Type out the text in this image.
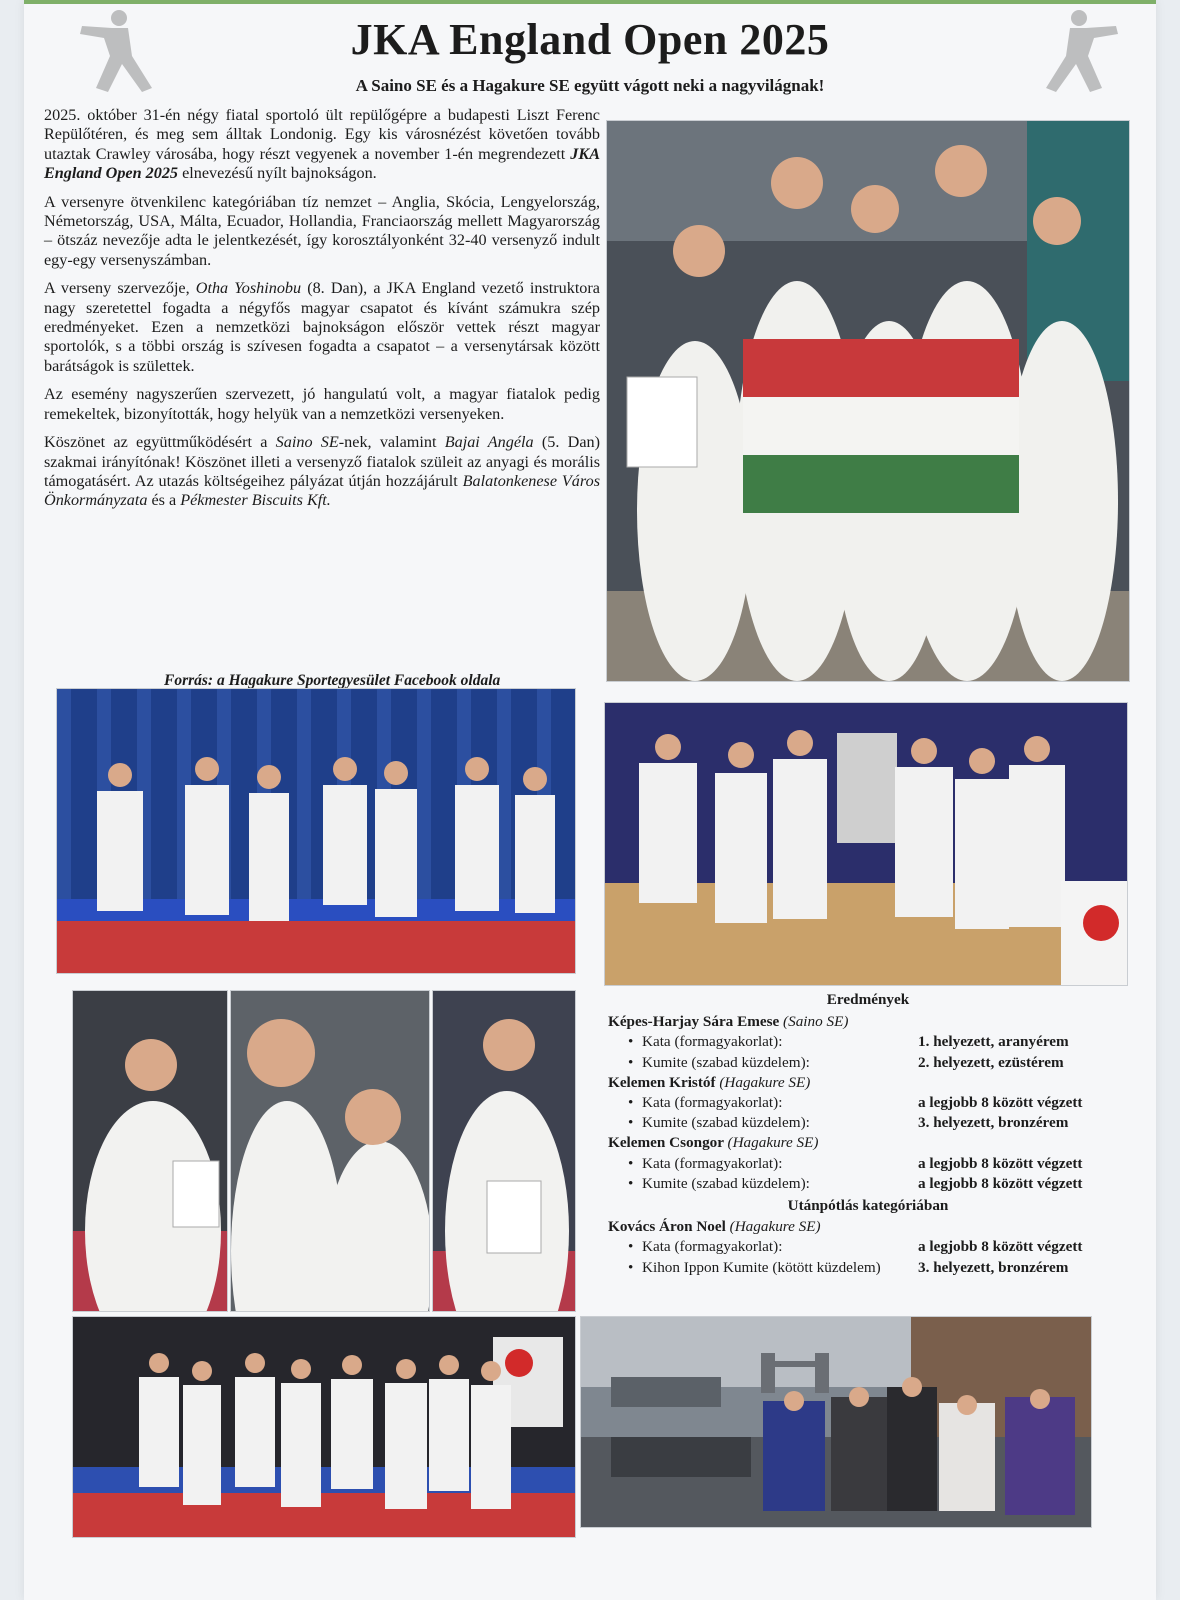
JKA England Open 2025
A Saino SE és a Hagakure SE együtt vágott neki a nagyvilágnak!

2025. október 31-én négy fiatal sportoló ült repülőgépre a budapesti Liszt Ferenc Repülőtéren, és meg sem álltak Londonig. Egy kis városnézést követően tovább utaztak Crawley városába, hogy részt vegyenek a november 1-én megrendezett JKA England Open 2025 elnevezésű nyílt bajnokságon.

A versenyre ötvenkilenc kategóriában tíz nemzet – Anglia, Skócia, Lengyelország, Németország, USA, Málta, Ecuador, Hollandia, Franciaország mellett Magyarország – ötszáz nevezője adta le jelentkezését, így korosztályonként 32-40 versenyző indult egy-egy versenyszámban.

A verseny szervezője, Otha Yoshinobu (8. Dan), a JKA England vezető instruktora nagy szeretettel fogadta a négyfős magyar csapatot és kívánt számukra szép eredményeket. Ezen a nemzetközi bajnokságon először vettek részt magyar sportolók, s a többi ország is szívesen fogadta a csapatot – a versenytársak között barátságok is születtek.

Az esemény nagyszerűen szervezett, jó hangulatú volt, a magyar fiatalok pedig remekeltek, bizonyították, hogy helyük van a nemzetközi versenyeken.

Köszönet az együttműködésért a Saino SE-nek, valamint Bajai Angéla (5. Dan) szakmai irányítónak! Köszönet illeti a versenyző fiatalok szüleit az anyagi és morális támogatásért. Az utazás költségeihez pályázat útján hozzájárult Balatonkenese Város Önkormányzata és a Pékmester Biscuits Kft.

Forrás: a Hagakure Sportegyesület Facebook oldala
Eredmények
Képes-Harjay Sára Emese (Saino SE)
• Kata (formagyakorlat):	1. helyezett, aranyérem
• Kumite (szabad küzdelem):	2. helyezett, ezüstérem
Kelemen Kristóf (Hagakure SE)
• Kata (formagyakorlat):	a legjobb 8 között végzett
• Kumite (szabad küzdelem):	3. helyezett, bronzérem
Kelemen Csongor (Hagakure SE)
• Kata (formagyakorlat):	a legjobb 8 között végzett
• Kumite (szabad küzdelem):	a legjobb 8 között végzett
Utánpótlás kategóriában
Kovács Áron Noel (Hagakure SE)
• Kata (formagyakorlat):	a legjobb 8 között végzett
• Kihon Ippon Kumite (kötött küzdelem) 3. helyezett, bronzérem
